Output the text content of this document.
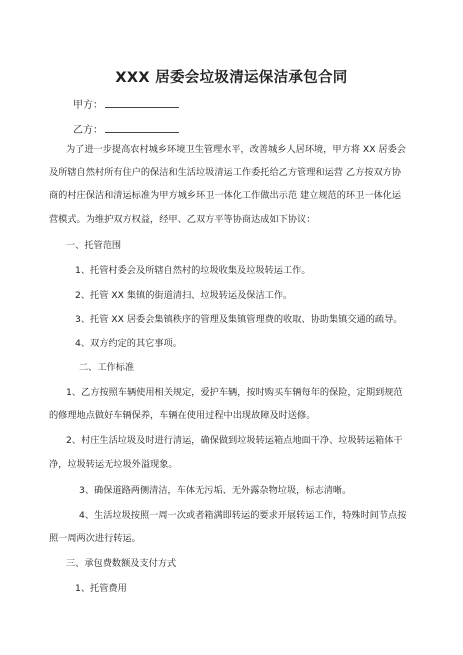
XXX 居委会垃圾清运保洁承包合同
甲方：
乙方：
为了进一步提高农村城乡环境卫生管理水平，改善城乡人居环境，甲方将 XX 居委会
及所辖自然村所有住户的保洁和生活垃圾清运工作委托给乙方管理和运营 乙方按双方协
商的村庄保洁和清运标准为甲方城乡环卫一体化工作做出示范 建立规范的环卫一体化运
营模式。为维护双方权益，经甲、乙双方平等协商达成如下协议：
一、托管范围
1、托管村委会及所辖自然村的垃圾收集及垃圾转运工作。
2、托管 XX 集镇的街道清扫、垃圾转运及保洁工作。
3、托管 XX 居委会集镇秩序的管理及集镇管理费的收取、协助集镇交通的疏导。
4、双方约定的其它事项。
二、工作标准
1、乙方按照车辆使用相关规定，爱护车辆，按时购买车辆每年的保险，定期到规范
的修理地点做好车辆保养，车辆在使用过程中出现故障及时送修。
2、村庄生活垃圾及时进行清运，确保做到垃圾转运箱点地面干净、垃圾转运箱体干
净，垃圾转运无垃圾外溢现象。
3、确保道路两侧清洁，车体无污垢、无外露杂物垃圾，标志清晰。
4、生活垃圾按照一周一次或者箱满即转运的要求开展转运工作，特殊时间节点按
照一周两次进行转运。
三、承包费数额及支付方式
1、托管费用
